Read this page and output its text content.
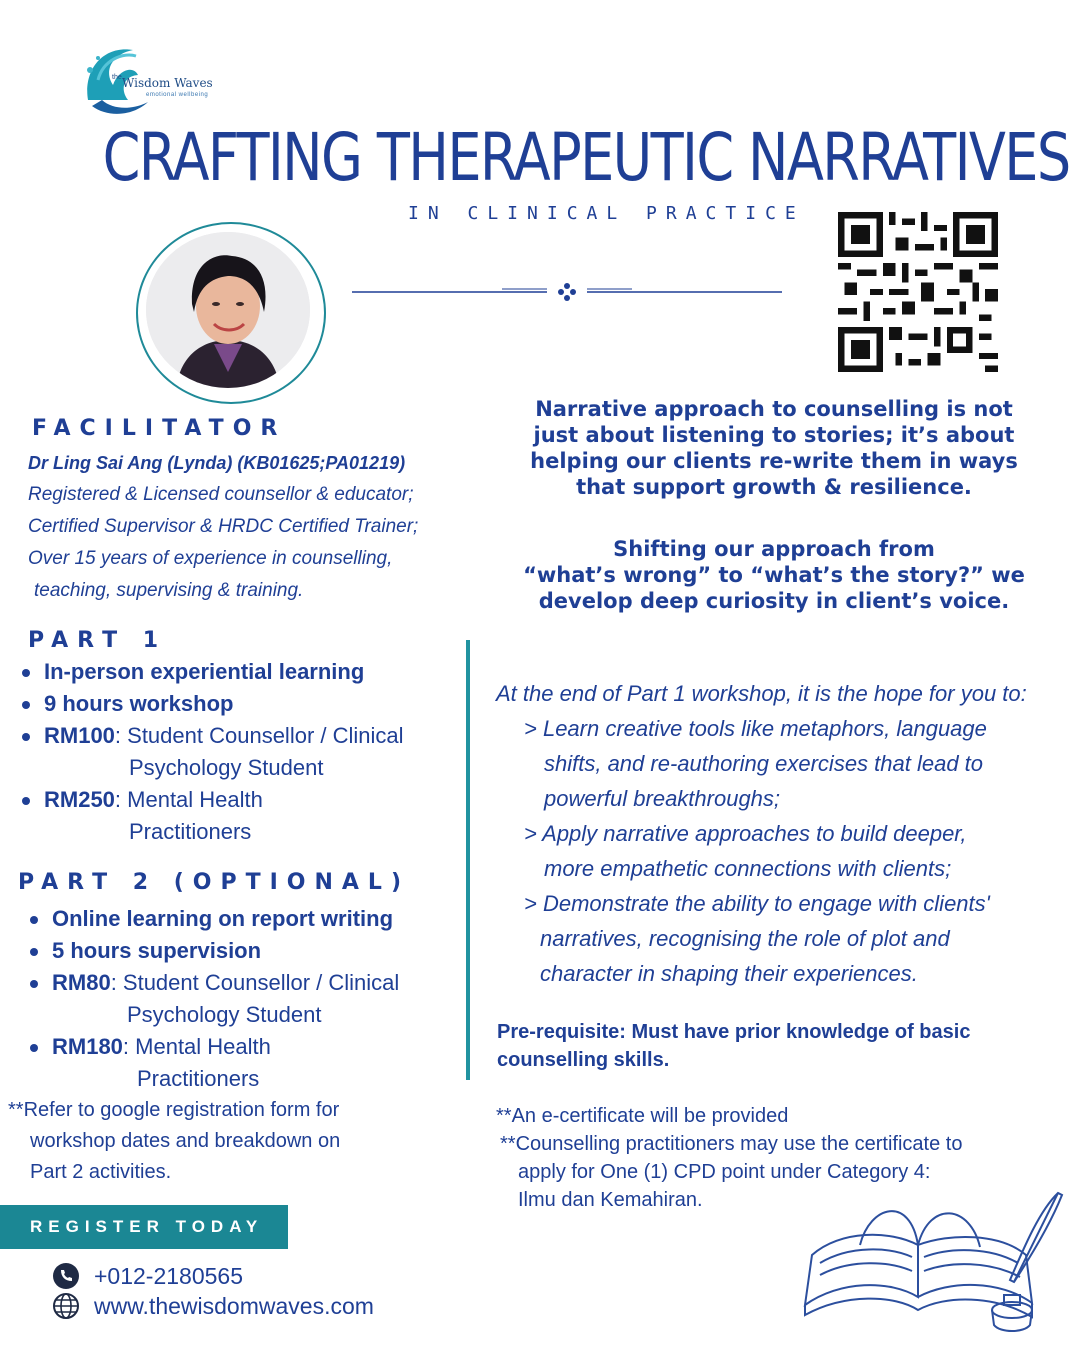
the Wisdom Waves
emotional wellbeing
CRAFTING THERAPEUTIC NARRATIVES
IN CLINICAL PRACTICE
FACILITATOR
Dr Ling Sai Ang (Lynda) (KB01625;PA01219)
Registered & Licensed counsellor & educator;
Certified Supervisor & HRDC Certified Trainer;
Over 15 years of experience in counselling,
teaching, supervising & training.
PART 1
In-person experiential learning
9 hours workshop
RM100: Student Counsellor / Clinical
Psychology Student
RM250: Mental Health
Practitioners
PART 2 (OPTIONAL)
Online learning on report writing
5 hours supervision
RM80: Student Counsellor / Clinical
Psychology Student
RM180: Mental Health
Practitioners
**Refer to google registration form for
workshop dates and breakdown on
Part 2 activities.
Narrative approach to counselling is not
just about listening to stories; it’s about
helping our clients re-write them in ways
that support growth & resilience.
Shifting our approach from
“what’s wrong” to “what’s the story?” we
develop deep curiosity in client’s voice.
At the end of Part 1 workshop, it is the hope for you to:
> Learn creative tools like metaphors, language
shifts, and re-authoring exercises that lead to
powerful breakthroughs;
> Apply narrative approaches to build deeper,
more empathetic connections with clients;
> Demonstrate the ability to engage with clients'
narratives, recognising the role of plot and
character in shaping their experiences.
Pre-requisite: Must have prior knowledge of basic
counselling skills.
**An e-certificate will be provided
**Counselling practitioners may use the certificate to
apply for One (1) CPD point under Category 4:
Ilmu dan Kemahiran.
REGISTER TODAY
+012-2180565
www.thewisdomwaves.com
